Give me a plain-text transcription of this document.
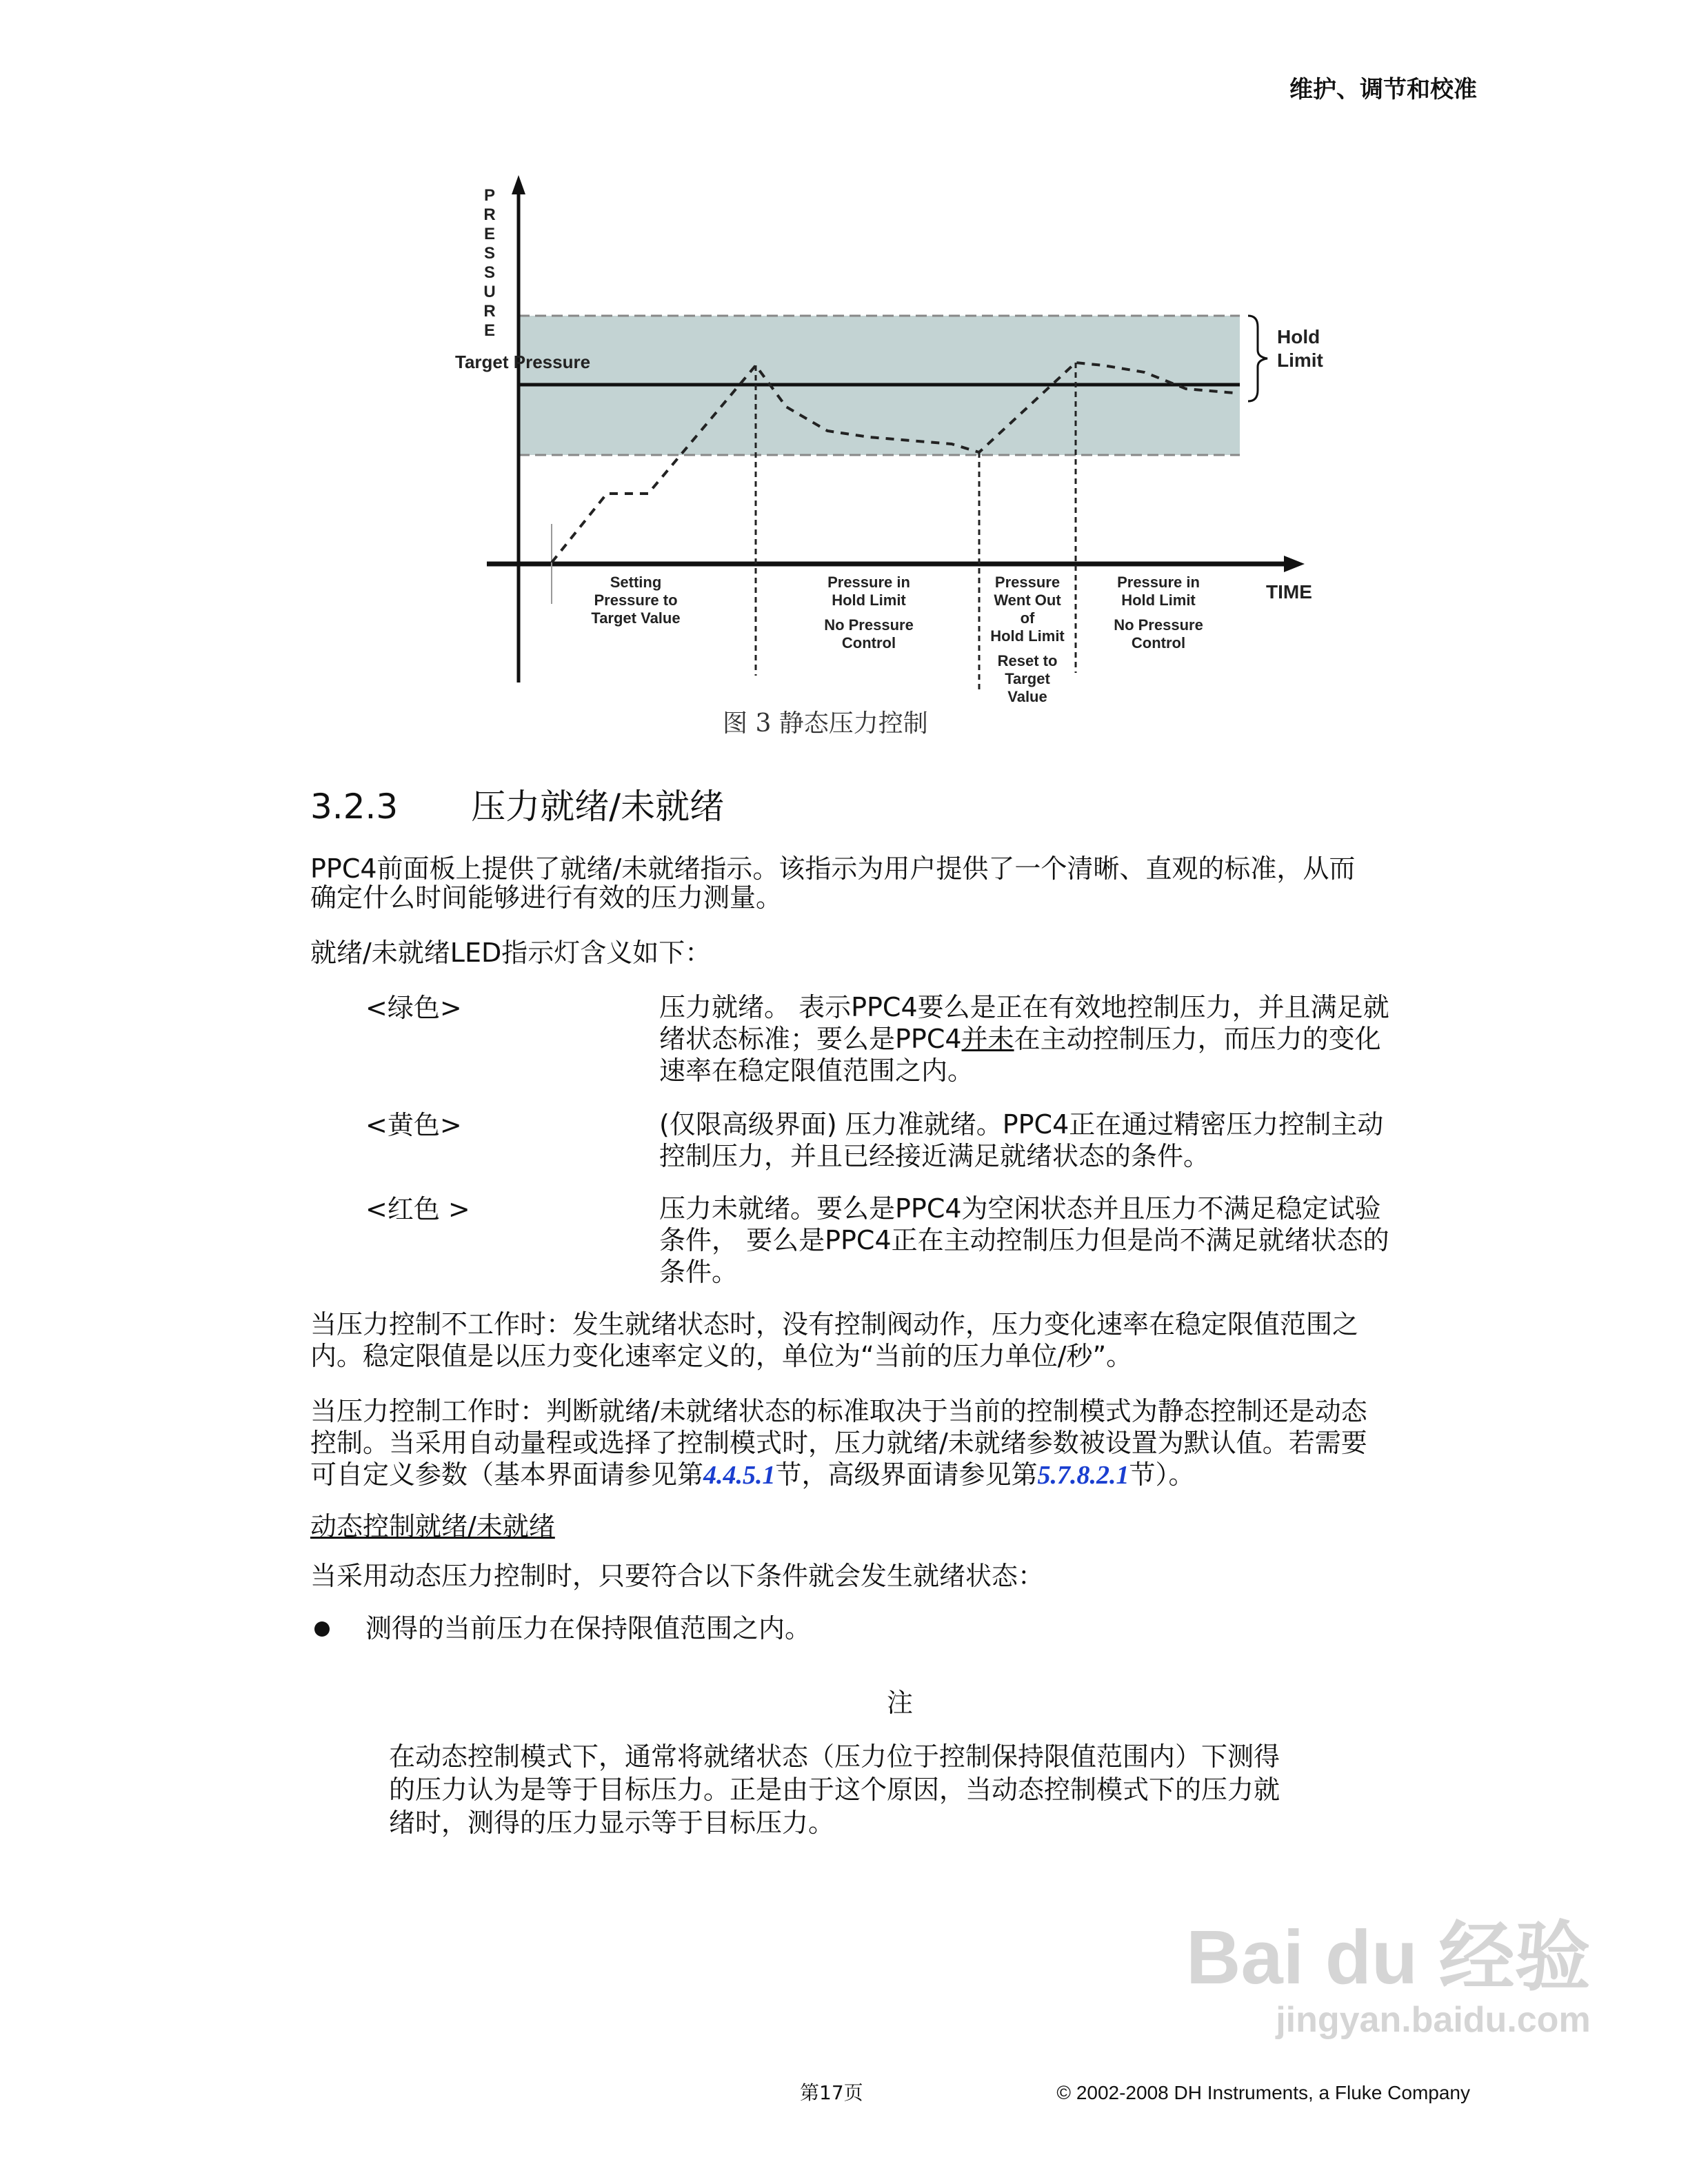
维护、调节和校准
PRESSURE
Target Pressure
Hold
Limit
TIME
Setting
Pressure to
Target Value
Pressure in
Hold Limit
No Pressure
Control
Pressure
Went Out
of
Hold Limit
Reset to
Target
Value
Pressure in
Hold Limit
No Pressure
Control
图 3 静态压力控制
3.2.3 压力就绪/未就绪
PPC4前面板上提供了就绪/未就绪指示。该指示为用户提供了一个清晰、直观的标准，从而
确定什么时间能够进行有效的压力测量。
就绪/未就绪LED指示灯含义如下：
<绿色>	压力就绪。 表示PPC4要么是正在有效地控制压力，并且满足就
绪状态标准；要么是PPC4并未在主动控制压力，而压力的变化
速率在稳定限值范围之内。
<黄色>	(仅限高级界面) 压力准就绪。PPC4正在通过精密压力控制主动
控制压力，并且已经接近满足就绪状态的条件。
<红色 >	压力未就绪。要么是PPC4为空闲状态并且压力不满足稳定试验
条件， 要么是PPC4正在主动控制压力但是尚不满足就绪状态的
条件。
当压力控制不工作时：发生就绪状态时，没有控制阀动作，压力变化速率在稳定限值范围之
内。稳定限值是以压力变化速率定义的，单位为“当前的压力单位/秒”。
当压力控制工作时：判断就绪/未就绪状态的标准取决于当前的控制模式为静态控制还是动态
控制。当采用自动量程或选择了控制模式时，压力就绪/未就绪参数被设置为默认值。若需要
可自定义参数（基本界面请参见第4.4.5.1节，高级界面请参见第5.7.8.2.1节）。
动态控制就绪/未就绪
当采用动态压力控制时，只要符合以下条件就会发生就绪状态：
测得的当前压力在保持限值范围之内。
注
在动态控制模式下，通常将就绪状态（压力位于控制保持限值范围内）下测得
的压力认为是等于目标压力。正是由于这个原因，当动态控制模式下的压力就
绪时，测得的压力显示等于目标压力。
Bai du 经验
jingyan.baidu.com
第17页	© 2002-2008 DH Instruments, a Fluke Company
